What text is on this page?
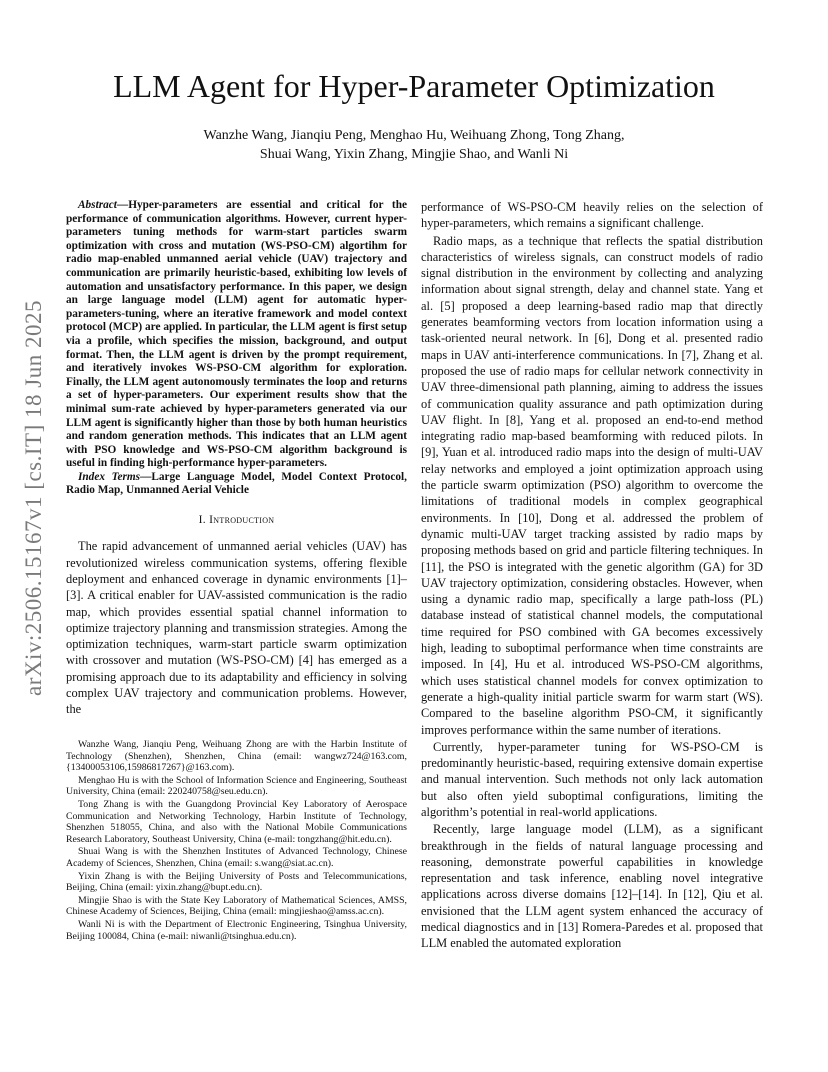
LLM Agent for Hyper-Parameter Optimization
Wanzhe Wang, Jianqiu Peng, Menghao Hu, Weihuang Zhong, Tong Zhang,
Shuai Wang, Yixin Zhang, Mingjie Shao, and Wanli Ni
arXiv:2506.15167v1 [cs.IT] 18 Jun 2025

Abstract—Hyper-parameters are essential and critical for the performance of communication algorithms. However, current hyper-parameters tuning methods for warm-start particles swarm optimization with cross and mutation (WS-PSO-CM) algortihm for radio map-enabled unmanned aerial vehicle (UAV) trajectory and communication are primarily heuristic-based, exhibiting low levels of automation and unsatisfactory performance. In this paper, we design an large language model (LLM) agent for automatic hyper-parameters-tuning, where an iterative framework and model context protocol (MCP) are applied. In particular, the LLM agent is first setup via a profile, which specifies the mission, background, and output format. Then, the LLM agent is driven by the prompt requirement, and iteratively invokes WS-PSO-CM algorithm for exploration. Finally, the LLM agent autonomously terminates the loop and returns a set of hyper-parameters. Our experiment results show that the minimal sum-rate achieved by hyper-parameters generated via our LLM agent is significantly higher than those by both human heuristics and random generation methods. This indicates that an LLM agent with PSO knowledge and WS-PSO-CM algorithm background is useful in finding high-performance hyper-parameters.

Index Terms—Large Language Model, Model Context Protocol, Radio Map, Unmanned Aerial Vehicle

I. Introduction

The rapid advancement of unmanned aerial vehicles (UAV) has revolutionized wireless communication systems, offering flexible deployment and enhanced coverage in dynamic environments [1]–[3]. A critical enabler for UAV-assisted communication is the radio map, which provides essential spatial channel information to optimize trajectory planning and transmission strategies. Among the optimization techniques, warm-start particle swarm optimization with crossover and mutation (WS-PSO-CM) [4] has emerged as a promising approach due to its adaptability and efficiency in solving complex UAV trajectory and communication problems. However, the

Wanzhe Wang, Jianqiu Peng, Weihuang Zhong are with the Harbin Institute of Technology (Shenzhen), Shenzhen, China (email: wangwz724@163.com, {13400053106,15986817267}@163.com).

Menghao Hu is with the School of Information Science and Engineering, Southeast University, China (email: 220240758@seu.edu.cn).

Tong Zhang is with the Guangdong Provincial Key Laboratory of Aerospace Communication and Networking Technology, Harbin Institute of Technology, Shenzhen 518055, China, and also with the National Mobile Communications Research Laboratory, Southeast University, China (e-mail: tongzhang@hit.edu.cn).

Shuai Wang is with the Shenzhen Institutes of Advanced Technology, Chinese Academy of Sciences, Shenzhen, China (email: s.wang@siat.ac.cn).

Yixin Zhang is with the Beijing University of Posts and Telecommunications, Beijing, China (email: yixin.zhang@bupt.edu.cn).

Mingjie Shao is with the State Key Laboratory of Mathematical Sciences, AMSS, Chinese Academy of Sciences, Beijing, China (email: mingjieshao@amss.ac.cn).

Wanli Ni is with the Department of Electronic Engineering, Tsinghua University, Beijing 100084, China (e-mail: niwanli@tsinghua.edu.cn).

performance of WS-PSO-CM heavily relies on the selection of hyper-parameters, which remains a significant challenge.

Radio maps, as a technique that reflects the spatial distribution characteristics of wireless signals, can construct models of radio signal distribution in the environment by collecting and analyzing information about signal strength, delay and channel state. Yang et al. [5] proposed a deep learning-based radio map that directly generates beamforming vectors from location information using a task-oriented neural network. In [6], Dong et al. presented radio maps in UAV anti-interference communications. In [7], Zhang et al. proposed the use of radio maps for cellular network connectivity in UAV three-dimensional path planning, aiming to address the issues of communication quality assurance and path optimization during UAV flight. In [8], Yang et al. proposed an end-to-end method integrating radio map-based beamforming with reduced pilots. In [9], Yuan et al. introduced radio maps into the design of multi-UAV relay networks and employed a joint optimization approach using the particle swarm optimization (PSO) algorithm to overcome the limitations of traditional models in complex geographical environments. In [10], Dong et al. addressed the problem of dynamic multi-UAV target tracking assisted by radio maps by proposing methods based on grid and particle filtering techniques. In [11], the PSO is integrated with the genetic algorithm (GA) for 3D UAV trajectory optimization, considering obstacles. However, when using a dynamic radio map, specifically a large path-loss (PL) database instead of statistical channel models, the computational time required for PSO combined with GA becomes excessively high, leading to suboptimal performance when time constraints are imposed. In [4], Hu et al. introduced WS-PSO-CM algorithms, which uses statistical channel models for convex optimization to generate a high-quality initial particle swarm for warm start (WS). Compared to the baseline algorithm PSO-CM, it significantly improves performance within the same number of iterations.

Currently, hyper-parameter tuning for WS-PSO-CM is predominantly heuristic-based, requiring extensive domain expertise and manual intervention. Such methods not only lack automation but also often yield suboptimal configurations, limiting the algorithm’s potential in real-world applications.

Recently, large language model (LLM), as a significant breakthrough in the fields of natural language processing and reasoning, demonstrate powerful capabilities in knowledge representation and task inference, enabling novel integrative applications across diverse domains [12]–[14]. In [12], Qiu et al. envisioned that the LLM agent system enhanced the accuracy of medical diagnostics and in [13] Romera-Paredes et al. proposed that LLM enabled the automated exploration
